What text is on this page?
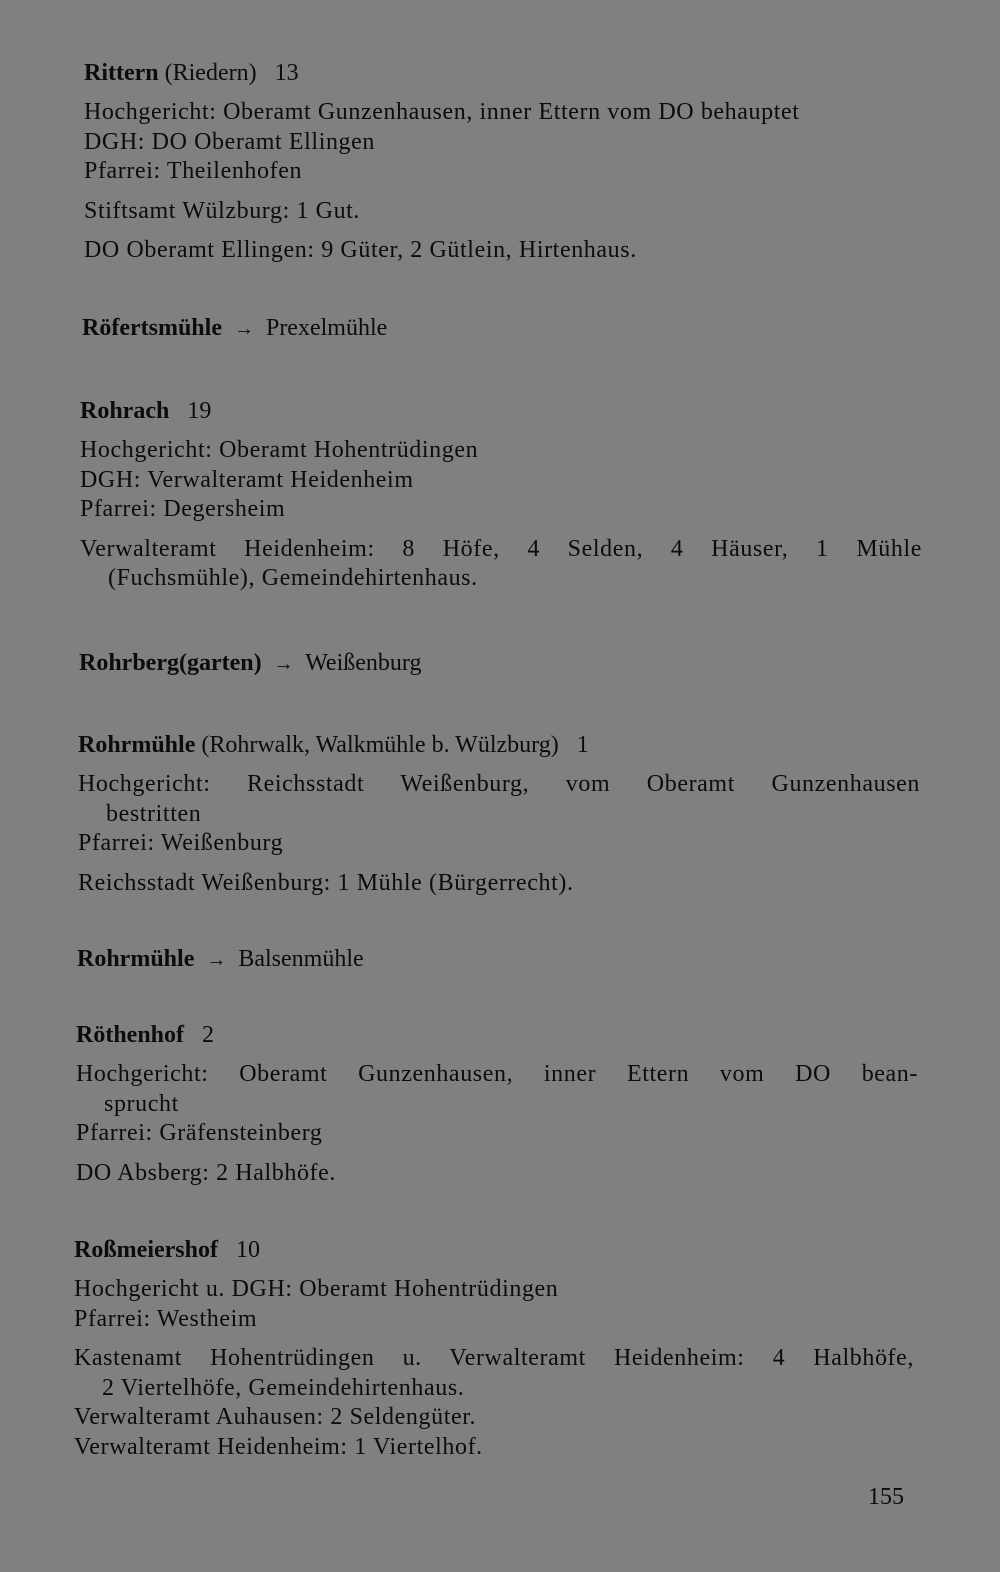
Rittern (Riedern) 13
Hochgericht: Oberamt Gunzenhausen, inner Ettern vom DO behauptet
DGH: DO Oberamt Ellingen
Pfarrei: Theilenhofen
Stiftsamt Wülzburg: 1 Gut.
DO Oberamt Ellingen: 9 Güter, 2 Gütlein, Hirtenhaus.
Röfertsmühle → Prexelmühle
Rohrach 19
Hochgericht: Oberamt Hohentrüdingen
DGH: Verwalteramt Heidenheim
Pfarrei: Degersheim
Verwalteramt Heidenheim: 8 Höfe, 4 Selden, 4 Häuser, 1 Mühle
(Fuchsmühle), Gemeindehirtenhaus.
Rohrberg(garten) → Weißenburg
Rohrmühle (Rohrwalk, Walkmühle b. Wülzburg) 1
Hochgericht: Reichsstadt Weißenburg, vom Oberamt Gunzenhausen
bestritten
Pfarrei: Weißenburg
Reichsstadt Weißenburg: 1 Mühle (Bürgerrecht).
Rohrmühle → Balsenmühle
Röthenhof 2
Hochgericht: Oberamt Gunzenhausen, inner Ettern vom DO bean-
sprucht
Pfarrei: Gräfensteinberg
DO Absberg: 2 Halbhöfe.
Roßmeiershof 10
Hochgericht u. DGH: Oberamt Hohentrüdingen
Pfarrei: Westheim
Kastenamt Hohentrüdingen u. Verwalteramt Heidenheim: 4 Halbhöfe,
2 Viertelhöfe, Gemeindehirtenhaus.
Verwalteramt Auhausen: 2 Seldengüter.
Verwalteramt Heidenheim: 1 Viertelhof.
155
